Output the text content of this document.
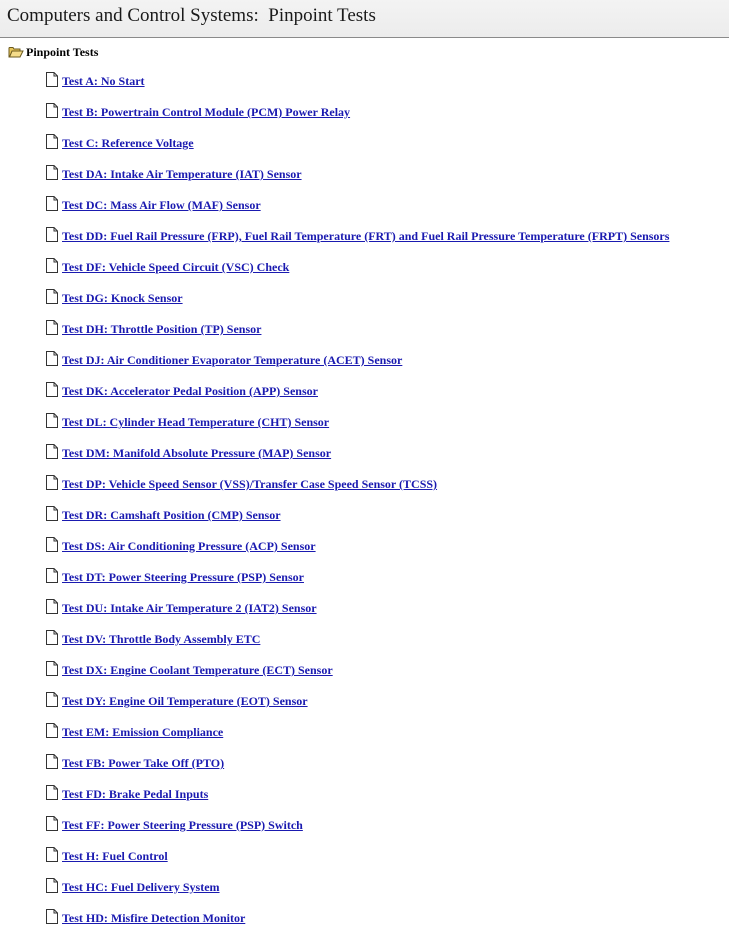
Computers and Control Systems:  Pinpoint Tests
Pinpoint Tests
Test A: No Start
Test B: Powertrain Control Module (PCM) Power Relay
Test C: Reference Voltage
Test DA: Intake Air Temperature (IAT) Sensor
Test DC: Mass Air Flow (MAF) Sensor
Test DD: Fuel Rail Pressure (FRP), Fuel Rail Temperature (FRT) and Fuel Rail Pressure Temperature (FRPT) Sensors
Test DF: Vehicle Speed Circuit (VSC) Check
Test DG: Knock Sensor
Test DH: Throttle Position (TP) Sensor
Test DJ: Air Conditioner Evaporator Temperature (ACET) Sensor
Test DK: Accelerator Pedal Position (APP) Sensor
Test DL: Cylinder Head Temperature (CHT) Sensor
Test DM: Manifold Absolute Pressure (MAP) Sensor
Test DP: Vehicle Speed Sensor (VSS)/Transfer Case Speed Sensor (TCSS)
Test DR: Camshaft Position (CMP) Sensor
Test DS: Air Conditioning Pressure (ACP) Sensor
Test DT: Power Steering Pressure (PSP) Sensor
Test DU: Intake Air Temperature 2 (IAT2) Sensor
Test DV: Throttle Body Assembly ETC
Test DX: Engine Coolant Temperature (ECT) Sensor
Test DY: Engine Oil Temperature (EOT) Sensor
Test EM: Emission Compliance
Test FB: Power Take Off (PTO)
Test FD: Brake Pedal Inputs
Test FF: Power Steering Pressure (PSP) Switch
Test H: Fuel Control
Test HC: Fuel Delivery System
Test HD: Misfire Detection Monitor
